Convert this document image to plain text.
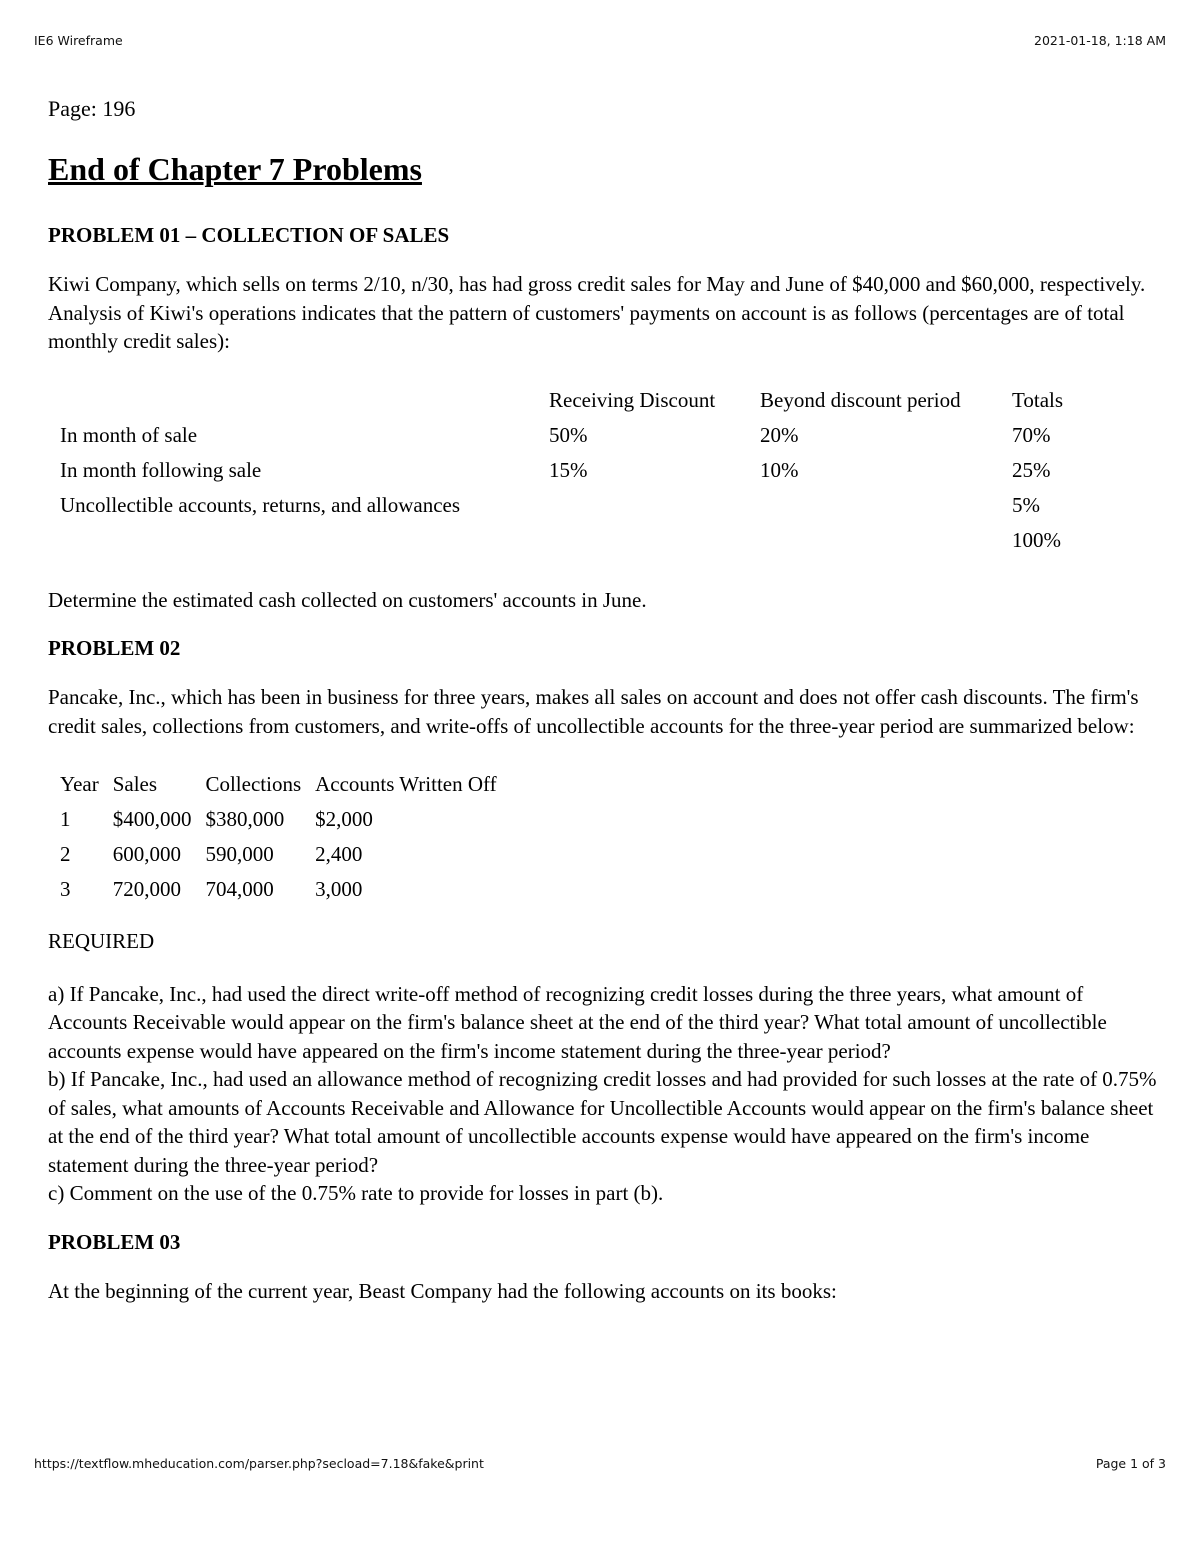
IE6 Wireframe	2021-01-18, 1:18 AM
Page: 196
End of Chapter 7 Problems
PROBLEM 01 – COLLECTION OF SALES

Kiwi Company, which sells on terms 2/10, n/30, has had gross credit sales for May and June of $40,000 and $60,000, respectively. Analysis of Kiwi's operations indicates that the pattern of customers' payments on account is as follows (percentages are of total monthly credit sales):

	Receiving Discount	Beyond discount period	Totals
In month of sale	50%	20%	70%
In month following sale	15%	10%	25%
Uncollectible accounts, returns, and allowances			5%
			100%

Determine the estimated cash collected on customers' accounts in June.

PROBLEM 02

Pancake, Inc., which has been in business for three years, makes all sales on account and does not offer cash discounts. The firm's credit sales, collections from customers, and write-offs of uncollectible accounts for the three-year period are summarized below:

Year	Sales	Collections	Accounts Written Off
1	$400,000	$380,000	$2,000
2	600,000	590,000	2,400
3	720,000	704,000	3,000

REQUIRED

a) If Pancake, Inc., had used the direct write-off method of recognizing credit losses during the three years, what amount of Accounts Receivable would appear on the firm's balance sheet at the end of the third year? What total amount of uncollectible accounts expense would have appeared on the firm's income statement during the three-year period?

b) If Pancake, Inc., had used an allowance method of recognizing credit losses and had provided for such losses at the rate of 0.75% of sales, what amounts of Accounts Receivable and Allowance for Uncollectible Accounts would appear on the firm's balance sheet at the end of the third year? What total amount of uncollectible accounts expense would have appeared on the firm's income statement during the three-year period?

c) Comment on the use of the 0.75% rate to provide for losses in part (b).

PROBLEM 03

At the beginning of the current year, Beast Company had the following accounts on its books:

https://textflow.mheducation.com/parser.php?secload=7.18&fake&print	Page 1 of 3
